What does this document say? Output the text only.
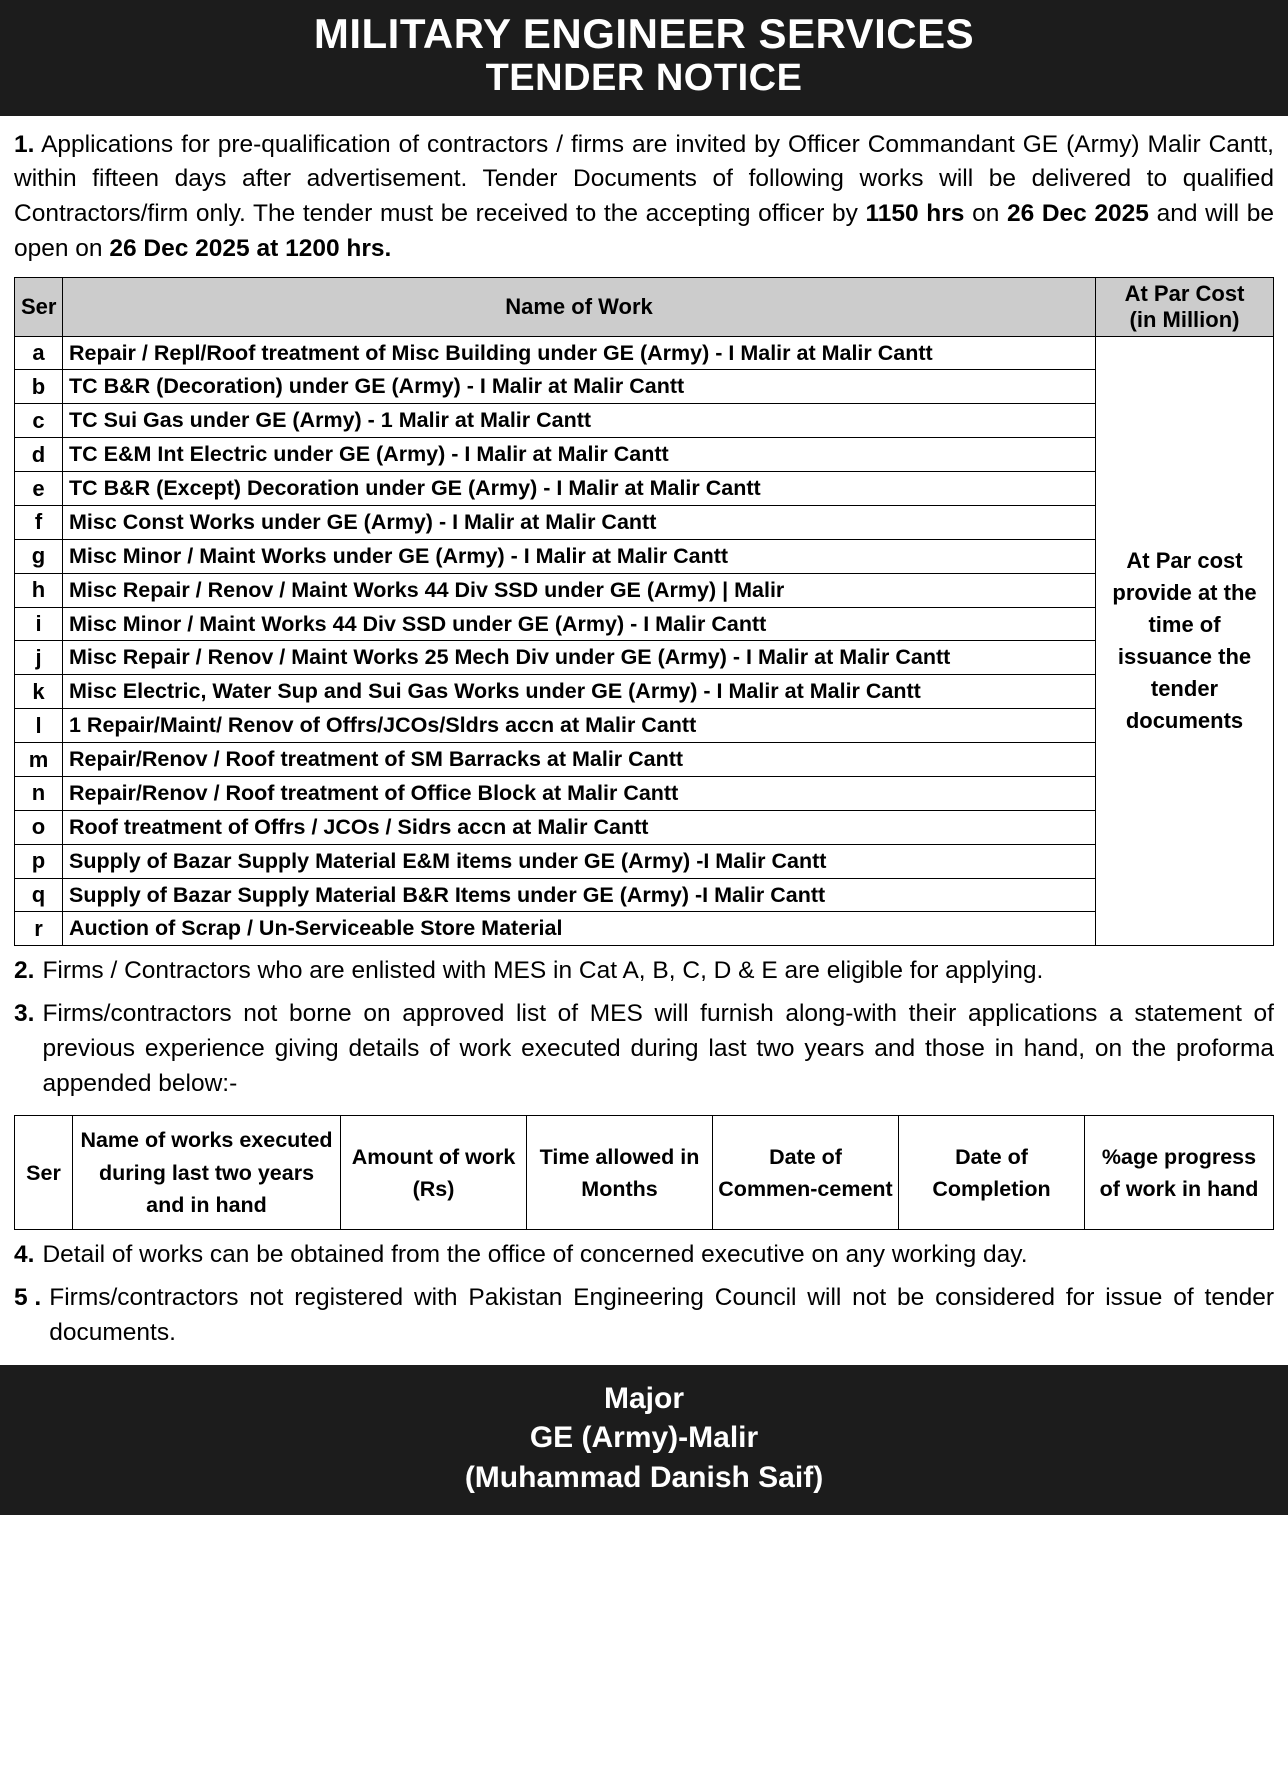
MILITARY ENGINEER SERVICES
TENDER NOTICE

1. Applications for pre-qualification of contractors / firms are invited by Officer Commandant GE (Army) Malir Cantt, within fifteen days after advertisement. Tender Documents of following works will be delivered to qualified Contractors/firm only. The tender must be received to the accepting officer by 1150 hrs on 26 Dec 2025 and will be open on 26 Dec 2025 at 1200 hrs.

Ser	Name of Work	At Par Cost
(in Million)

a	Repair / Repl/Roof treatment of Misc Building under GE (Army) - I Malir at Malir Cantt	At Par cost provide at the time of issuance the tender documents
b	TC B&R (Decoration) under GE (Army) - I Malir at Malir Cantt	
c	TC Sui Gas under GE (Army) - 1 Malir at Malir Cantt	
d	TC E&M Int Electric under GE (Army) - I Malir at Malir Cantt	
e	TC B&R (Except) Decoration under GE (Army) - I Malir at Malir Cantt	
f	Misc Const Works under GE (Army) - I Malir at Malir Cantt	
g	Misc Minor / Maint Works under GE (Army) - I Malir at Malir Cantt	
h	Misc Repair / Renov / Maint Works 44 Div SSD under GE (Army) | Malir	
i	Misc Minor / Maint Works 44 Div SSD under GE (Army) - I Malir Cantt	
j	Misc Repair / Renov / Maint Works 25 Mech Div under GE (Army) - I Malir at Malir Cantt	
k	Misc Electric, Water Sup and Sui Gas Works under GE (Army) - I Malir at Malir Cantt	
l	1 Repair/Maint/ Renov of Offrs/JCOs/Sldrs accn at Malir Cantt	
m	Repair/Renov / Roof treatment of SM Barracks at Malir Cantt	
n	Repair/Renov / Roof treatment of Office Block at Malir Cantt	
o	Roof treatment of Offrs / JCOs / Sidrs accn at Malir Cantt	
p	Supply of Bazar Supply Material E&M items under GE (Army) -I Malir Cantt	
q	Supply of Bazar Supply Material B&R Items under GE (Army) -I Malir Cantt	
r	Auction of Scrap / Un-Serviceable Store Material	
2. Firms / Contractors who are enlisted with MES in Cat A, B, C, D & E are eligible for applying.
3. Firms/contractors not borne on approved list of MES will furnish along-with their applications a statement of previous experience giving details of work executed during last two years and those in hand, on the proforma appended below:-
Ser	Name of works executed during last two years and in hand	Amount of work (Rs)	Time allowed in Months	Date of Commen-cement	Date of Completion	%age progress of work in hand
4. Detail of works can be obtained from the office of concerned executive on any working day.
5 . Firms/contractors not registered with Pakistan Engineering Council will not be considered for issue of tender documents.
Major
GE (Army)-Malir
(Muhammad Danish Saif)
